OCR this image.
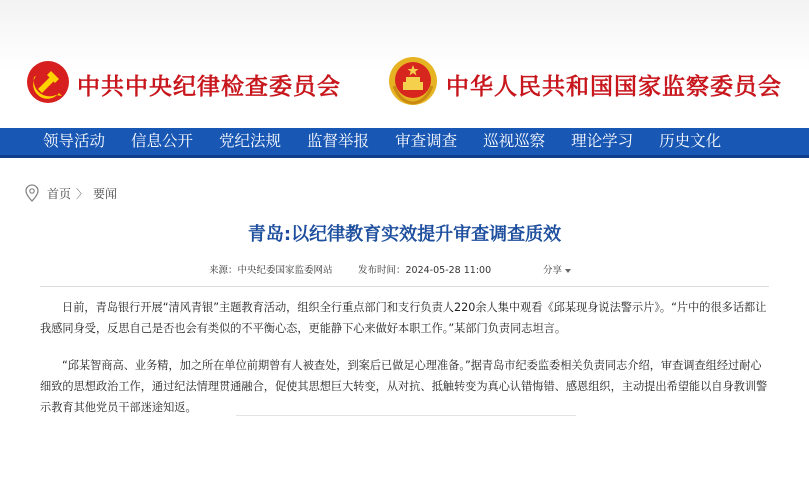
中共中央纪律检查委员会	中华人民共和国国家监察委员会
领导活动 信息公开 党纪法规 监督举报 审查调查 巡视巡察 理论学习 历史文化
首页 〉 要闻
青岛:以纪律教育实效提升审查调查质效
来源：中央纪委国家监委网站	发布时间：2024-05-28 11:00	分享

日前，青岛银行开展“清风青银”主题教育活动，组织全行重点部门和支行负责人220余人集中观看《邱某现身说法警示片》。“片中的很多话都让我感同身受，反思自己是否也会有类似的不平衡心态，更能静下心来做好本职工作。”某部门负责同志坦言。

“邱某智商高、业务精，加之所在单位前期曾有人被查处，到案后已做足心理准备。”据青岛市纪委监委相关负责同志介绍，审查调查组经过耐心细致的思想政治工作，通过纪法情理贯通融合，促使其思想巨大转变，从对抗、抵触转变为真心认错悔错、感恩组织，主动提出希望能以自身教训警示教育其他党员干部迷途知返。
